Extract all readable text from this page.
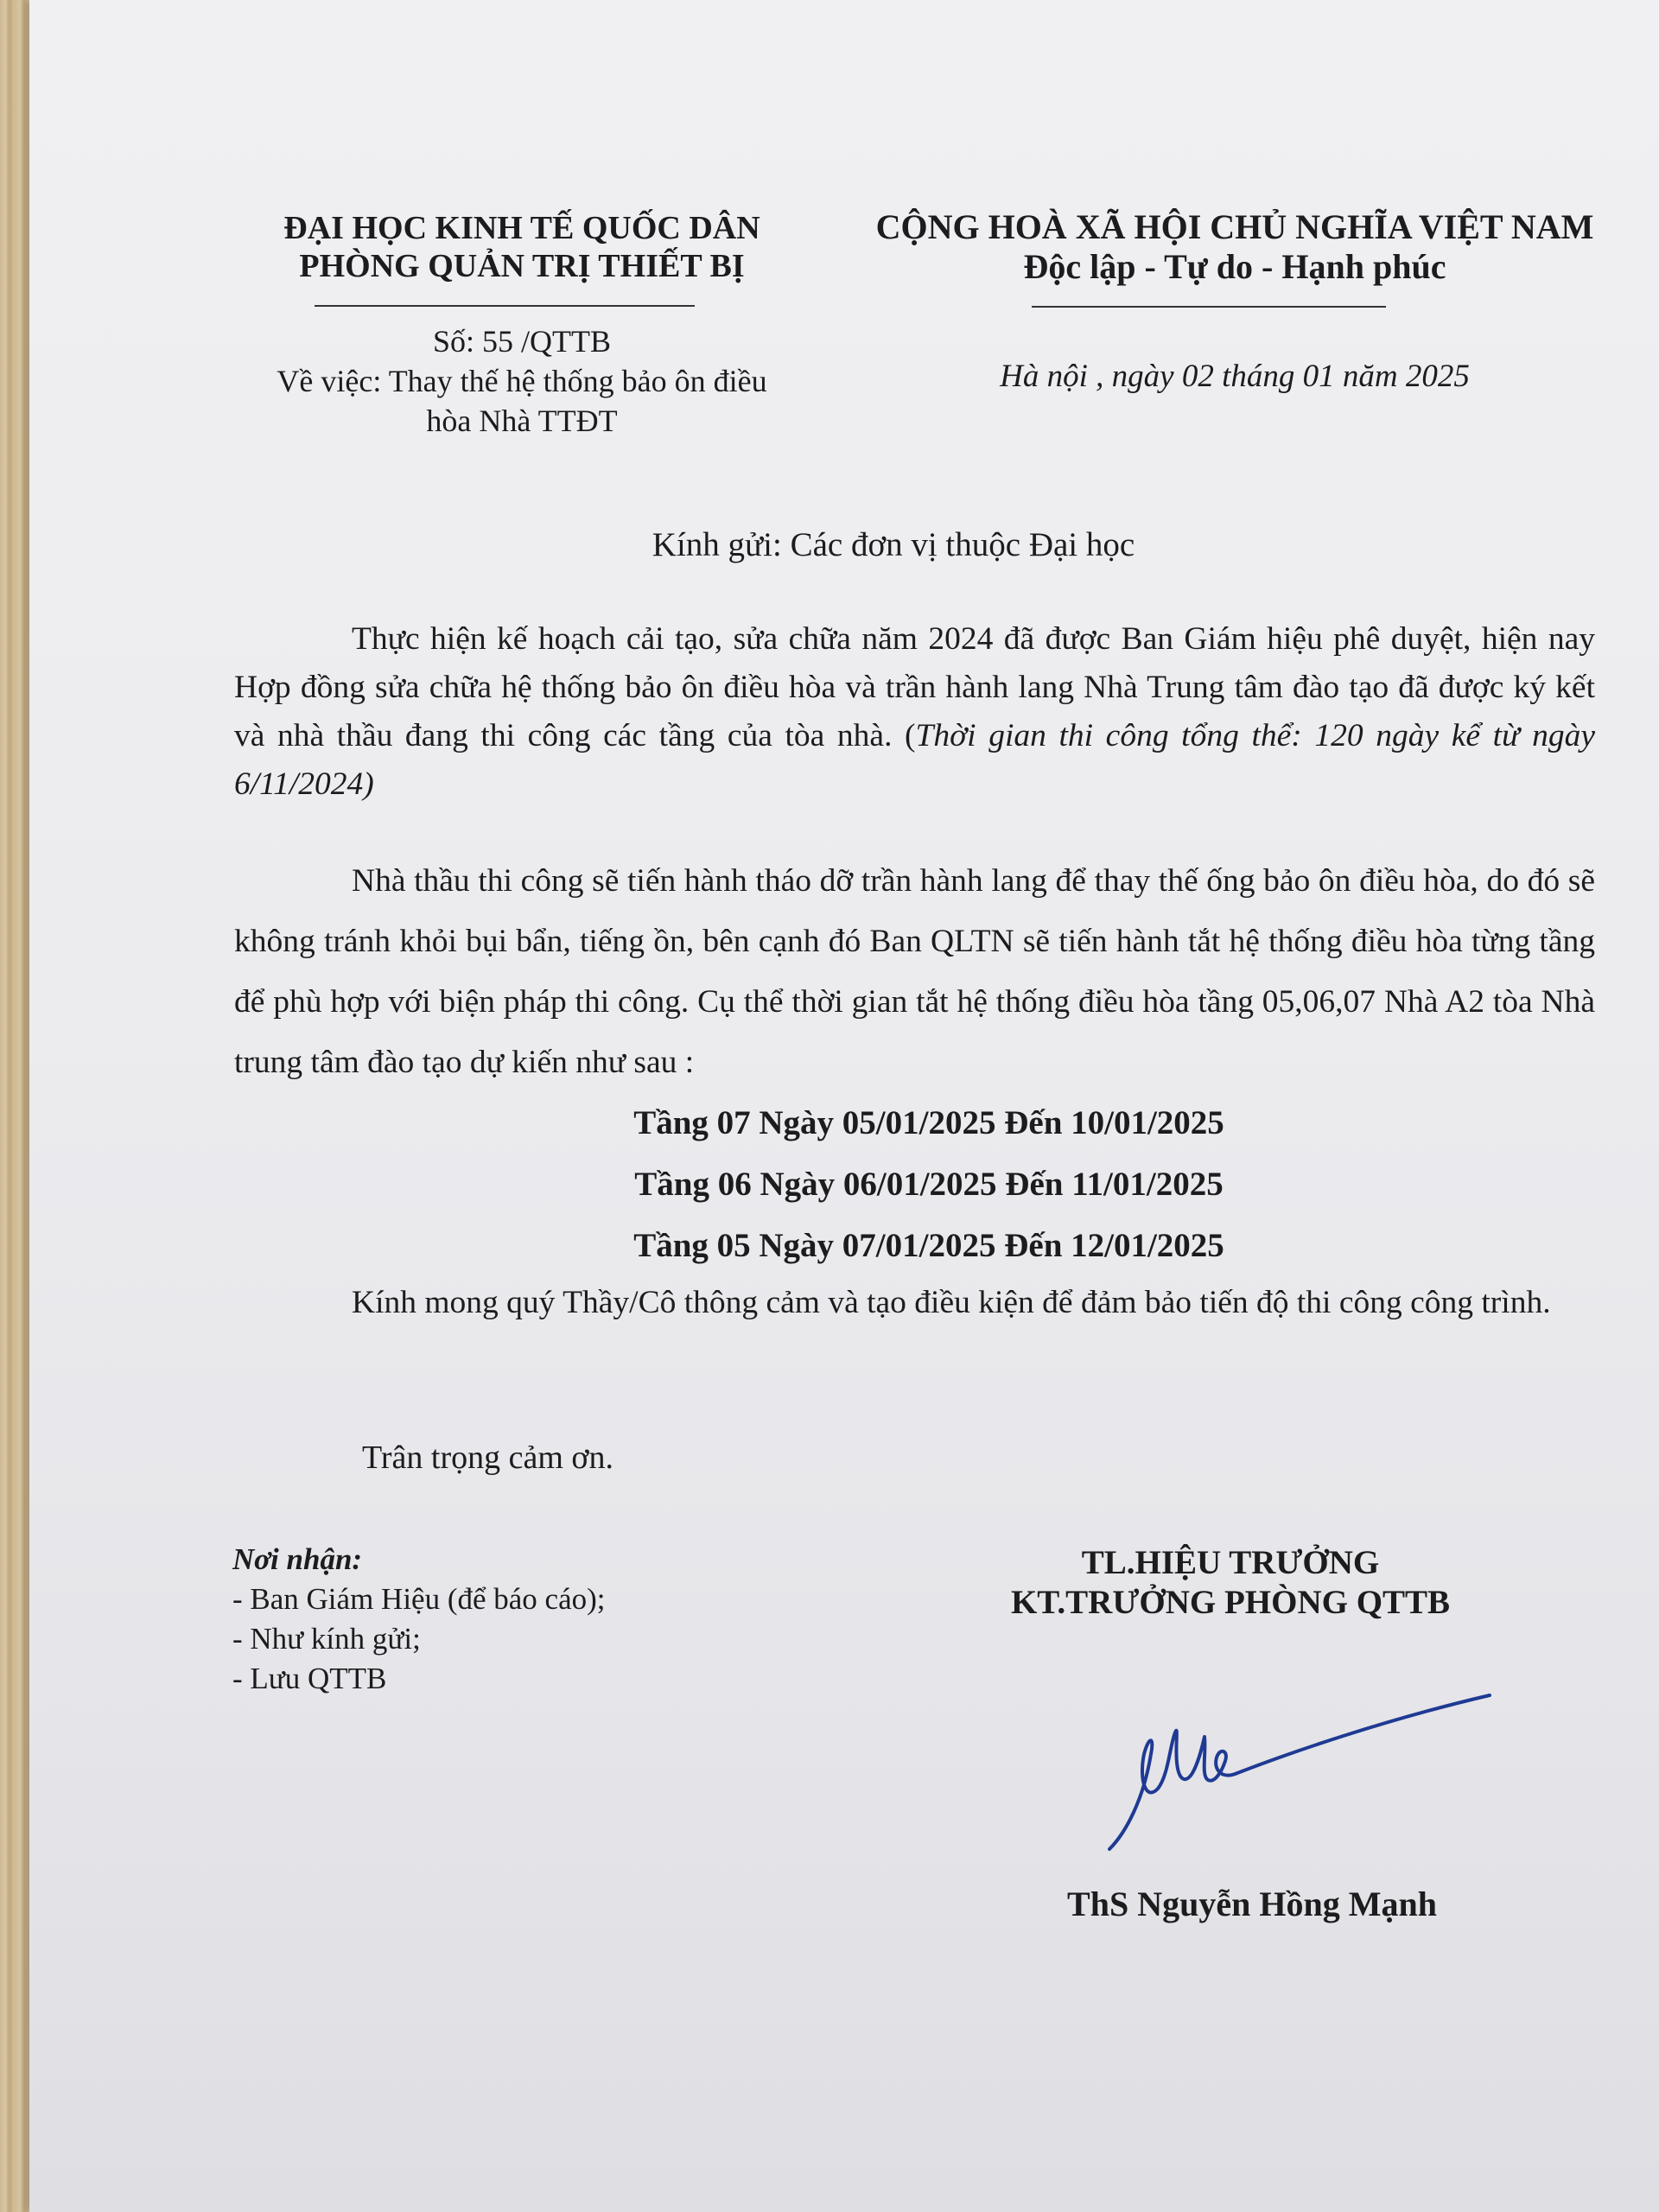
ĐẠI HỌC KINH TẾ QUỐC DÂN
PHÒNG QUẢN TRỊ THIẾT BỊ
CỘNG HOÀ XÃ HỘI CHỦ NGHĨA VIỆT NAM
Độc lập - Tự do - Hạnh phúc
Số: 55 /QTTB
Về việc: Thay thế hệ thống bảo ôn điều
hòa Nhà TTĐT
Hà nội , ngày 02 tháng 01 năm 2025
Kính gửi: Các đơn vị thuộc Đại học

Thực hiện kế hoạch cải tạo, sửa chữa năm 2024 đã được Ban Giám hiệu phê duyệt, hiện nay Hợp đồng sửa chữa hệ thống bảo ôn điều hòa và trần hành lang Nhà Trung tâm đào tạo đã được ký kết và nhà thầu đang thi công các tầng của tòa nhà. (Thời gian thi công tổng thể: 120 ngày kể từ ngày 6/11/2024)

Nhà thầu thi công sẽ tiến hành tháo dỡ trần hành lang để thay thế ống bảo ôn điều hòa, do đó sẽ không tránh khỏi bụi bẩn, tiếng ồn, bên cạnh đó Ban QLTN sẽ tiến hành tắt hệ thống điều hòa từng tầng để phù hợp với biện pháp thi công. Cụ thể thời gian tắt hệ thống điều hòa tầng 05,06,07 Nhà A2 tòa Nhà trung tâm đào tạo dự kiến như sau :

Tầng 07 Ngày 05/01/2025 Đến 10/01/2025
Tầng 06 Ngày 06/01/2025 Đến 11/01/2025
Tầng 05 Ngày 07/01/2025 Đến 12/01/2025

Kính mong quý Thầy/Cô thông cảm và tạo điều kiện để đảm bảo tiến độ thi công công trình.

Trân trọng cảm ơn.
Nơi nhận:
- Ban Giám Hiệu (để báo cáo);
- Như kính gửi;
- Lưu QTTB
TL.HIỆU TRƯỞNG
KT.TRƯỞNG PHÒNG QTTB
ThS Nguyễn Hồng Mạnh
